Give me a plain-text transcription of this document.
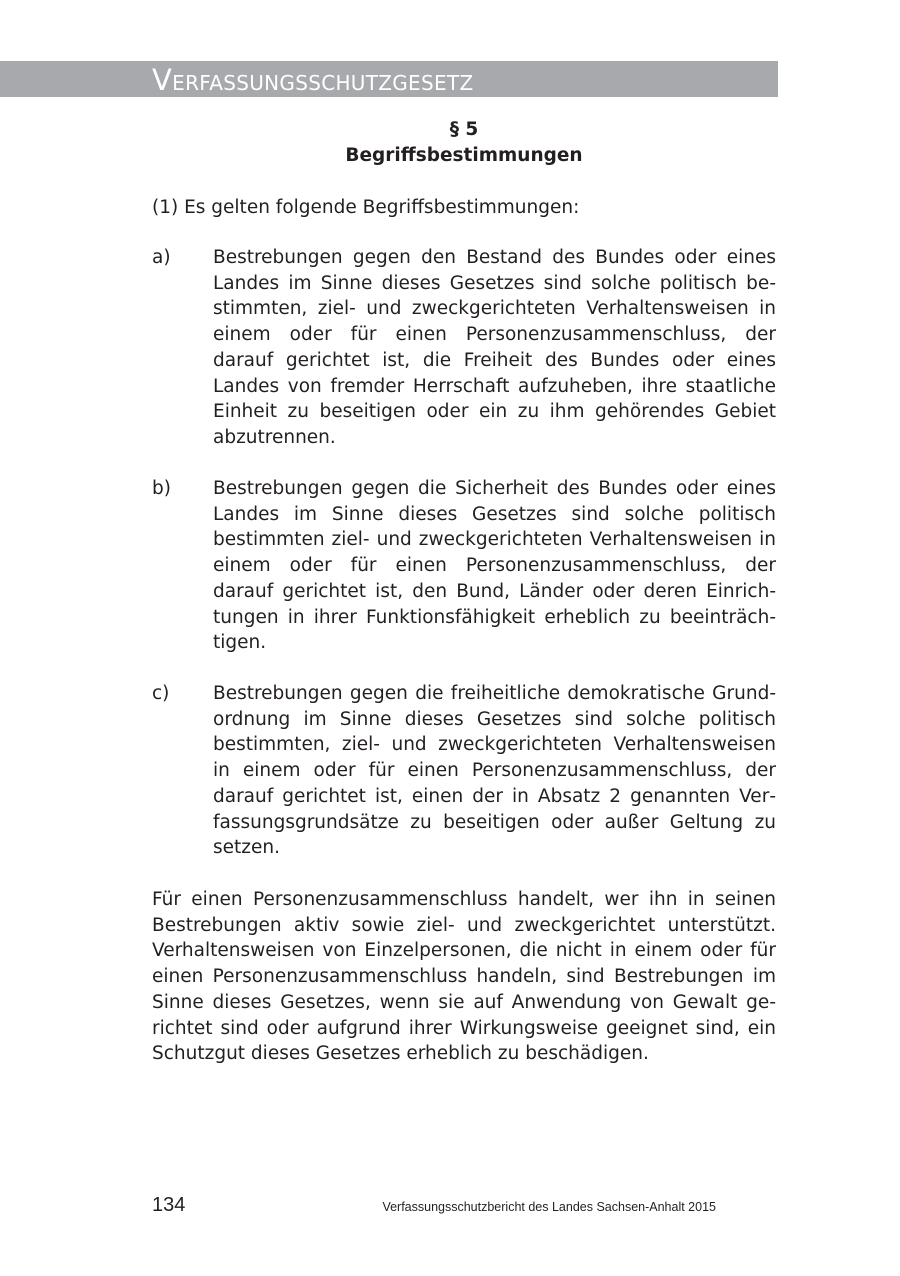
Verfassungsschutzgesetz
§ 5
Begriffsbestimmungen
(1) Es gelten folgende Begriffsbestimmungen:
a) Bestrebungen gegen den Bestand des Bundes oder eines Landes im Sinne dieses Gesetzes sind solche politisch bestimmten, ziel- und zweckgerichteten Verhaltensweisen in einem oder für einen Personenzusammenschluss, der darauf gerichtet ist, die Freiheit des Bundes oder eines Landes von fremder Herrschaft aufzuheben, ihre staatliche Einheit zu beseitigen oder ein zu ihm gehörendes Gebiet abzutrennen.
b) Bestrebungen gegen die Sicherheit des Bundes oder eines Landes im Sinne dieses Gesetzes sind solche politisch bestimmten ziel- und zweckgerichteten Verhaltensweisen in einem oder für einen Personenzusammenschluss, der darauf gerichtet ist, den Bund, Länder oder deren Einrichtungen in ihrer Funktionsfähigkeit erheblich zu beeinträchtigen.
c) Bestrebungen gegen die freiheitliche demokratische Grundordnung im Sinne dieses Gesetzes sind solche politisch bestimmten, ziel- und zweckgerichteten Verhaltensweisen in einem oder für einen Personenzusammenschluss, der darauf gerichtet ist, einen der in Absatz 2 genannten Verfassungsgrundsätze zu beseitigen oder außer Geltung zu setzen.
Für einen Personenzusammenschluss handelt, wer ihn in seinen Bestrebungen aktiv sowie ziel- und zweckgerichtet unterstützt. Verhaltensweisen von Einzelpersonen, die nicht in einem oder für einen Personenzusammenschluss handeln, sind Bestrebungen im Sinne dieses Gesetzes, wenn sie auf Anwendung von Gewalt gerichtet sind oder aufgrund ihrer Wirkungsweise geeignet sind, ein Schutzgut dieses Gesetzes erheblich zu beschädigen.
134	Verfassungsschutzbericht des Landes Sachsen-Anhalt 2015
